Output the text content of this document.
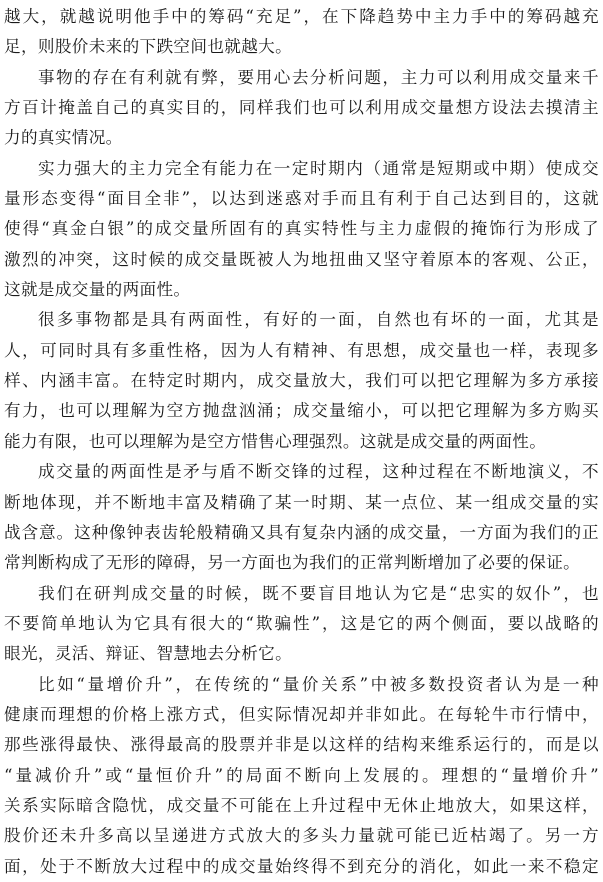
越大，就越说明他手中的筹码“充足”，在下降趋势中主力手中的筹码越充
足，则股价未来的下跌空间也就越大。
事物的存在有利就有弊，要用心去分析问题，主力可以利用成交量来千
方百计掩盖自己的真实目的，同样我们也可以利用成交量想方设法去摸清主
力的真实情况。
实力强大的主力完全有能力在一定时期内（通常是短期或中期）使成交
量形态变得“面目全非”，以达到迷惑对手而且有利于自己达到目的，这就
使得“真金白银”的成交量所固有的真实特性与主力虚假的掩饰行为形成了
激烈的冲突，这时候的成交量既被人为地扭曲又坚守着原本的客观、公正，
这就是成交量的两面性。
很多事物都是具有两面性，有好的一面，自然也有坏的一面，尤其是
人，可同时具有多重性格，因为人有精神、有思想，成交量也一样，表现多
样、内涵丰富。在特定时期内，成交量放大，我们可以把它理解为多方承接
有力，也可以理解为空方抛盘汹涌；成交量缩小，可以把它理解为多方购买
能力有限，也可以理解为是空方惜售心理强烈。这就是成交量的两面性。
成交量的两面性是矛与盾不断交锋的过程，这种过程在不断地演义，不
断地体现，并不断地丰富及精确了某一时期、某一点位、某一组成交量的实
战含意。这种像钟表齿轮般精确又具有复杂内涵的成交量，一方面为我们的正
常判断构成了无形的障碍，另一方面也为我们的正常判断增加了必要的保证。
我们在研判成交量的时候，既不要盲目地认为它是“忠实的奴仆”，也
不要简单地认为它具有很大的“欺骗性”，这是它的两个侧面，要以战略的
眼光，灵活、辩证、智慧地去分析它。
比如“量增价升”，在传统的“量价关系”中被多数投资者认为是一种
健康而理想的价格上涨方式，但实际情况却并非如此。在每轮牛市行情中，
那些涨得最快、涨得最高的股票并非是以这样的结构来维系运行的，而是以
“量减价升”或“量恒价升”的局面不断向上发展的。理想的“量增价升”
关系实际暗含隐忧，成交量不可能在上升过程中无休止地放大，如果这样，
股价还未升多高以呈递进方式放大的多头力量就可能已近枯竭了。另一方
面，处于不断放大过程中的成交量始终得不到充分的消化，如此一来不稳定
